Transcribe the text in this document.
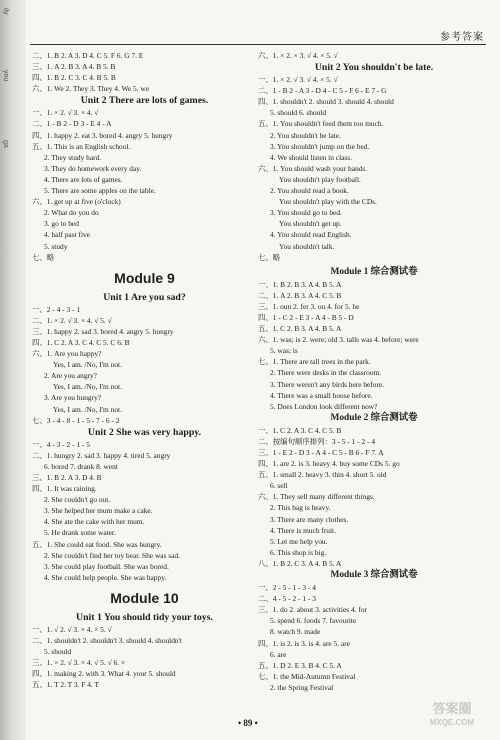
ily
you
ga
参考答案
二、1. B 2. A 3. D 4. C 5. F 6. G 7. E
三、1. A 2. B 3. A 4. B 5. B
四、1. B 2. C 3. C 4. B 5. B
六、1. We 2. They 3. They 4. We 5. we
Unit 2 There are lots of games.
一、1. × 2. √ 3. × 4. √
二、1 - B 2 - D 3 - E 4 - A
四、1. happy 2. eat 3. bored 4. angry 5. hungry
五、1. This is an English school.
2. They study hard.
3. They do homework every day.
4. There are lots of games.
5. There are some apples on the table.
六、1. get up at five (o'clock)
2. What do you do
3. go to bed
4. half past five
5. study
七、略
Module 9
Unit 1 Are you sad?
一、2 - 4 - 3 - 1
二、1. × 2. √ 3. × 4. √ 5. √
三、1. happy 2. sad 3. bored 4. angry 5. hungry
四、1. C 2. A 3. C 4. C 5. C 6. B
六、1. Are you happy?
Yes, I am. /No, I'm not.
2. Are you angry?
Yes, I am. /No, I'm not.
3. Are you hungry?
Yes, I am. /No, I'm not.
七、3 - 4 - 8 - 1 - 5 - 7 - 6 - 2
Unit 2 She was very happy.
一、4 - 3 - 2 - 1 - 5
二、1. hungry 2. sad 3. happy 4. tired 5. angry
6. bored 7. drank 8. went
三、1. B 2. A 3. D 4. B
四、1. It was raining.
2. She couldn't go out.
3. She helped her mum make a cake.
4. She ate the cake with her mum.
5. He drank some water.
五、1. She could eat food. She was hungry.
2. She couldn't find her toy bear. She was sad.
3. She could play football. She was bored.
4. She could help people. She was happy.
Module 10
Unit 1 You should tidy your toys.
一、1. √ 2. √ 3. × 4. × 5. √
二、1. shouldn't 2. shouldn't 3. should 4. shouldn't
5. should
三、1. × 2. √ 3. × 4. √ 5. √ 6. ×
四、1. making 2. with 3. What 4. your 5. should
五、1. T 2. T 3. F 4. T
六、1. × 2. × 3. √ 4. × 5. √
Unit 2 You shouldn't be late.
一、1. × 2. √ 3. √ 4. × 5. √
二、1 - B 2 - A 3 - D 4 - C 5 - F 6 - E 7 - G
四、1. shouldn't 2. should 3. should 4. should
5. should 6. should
五、1. You shouldn't feed them too much.
2. You shouldn't be late.
3. You shouldn't jump on the bed.
4. We should listen in class.
六、1. You should wash your hands.
You shouldn't play football.
2. You should read a book.
You shouldn't play with the CDs.
3. You should go to bed.
You shouldn't get up.
4. You should read English.
You shouldn't talk.
七、略
Module 1 综合测试卷
一、1. B 2. B 3. A 4. B 5. A
二、1. A 2. B 3. A 4. C 5. B
三、1. oun 2. fer 3. ou 4. for 5. he
四、1 - C 2 - E 3 - A 4 - B 5 - D
五、1. C 2. B 3. A 4. B 5. A
六、1. was; is 2. were; old 3. talls was 4. before; were
5. was; is
七、1. There are tall trees in the park.
2. There were desks in the classroom.
3. There weren't any birds here before.
4. There was a small house before.
5. Does London look different now?
Module 2 综合测试卷
一、1. C 2. A 3. C 4. C 5. B
二、按编句顺序排列：3 - 5 - 1 - 2 - 4
三、1 - E 2 - D 3 - A 4 - C 5 - B 6 - F 7. A
四、1. are 2. is 3. heavy 4. buy some CDs 5. go
五、1. small 2. heavy 3. thin 4. short 5. old
6. sell
六、1. They sell many different things.
2. This bag is heavy.
3. There are many clothes.
4. There is much fruit.
5. Let me help you.
6. This shop is big.
八、1. B 2. C 3. A 4. B 5. A
Module 3 综合测试卷
一、2 - 5 - 1 - 3 - 4
二、4 - 5 - 2 - 1 - 3
三、1. do 2. about 3. activities 4. for
5. spend 6. foods 7. favourite
8. watch 9. made
四、1. is 2. is 3. is 4. are 5. are
6. are
五、1. D 2. E 3. B 4. C 5. A
七、1. the Mid-Autumn Festival
2. the Spring Festival
• 89 •
答案圈
MXQE.COM
